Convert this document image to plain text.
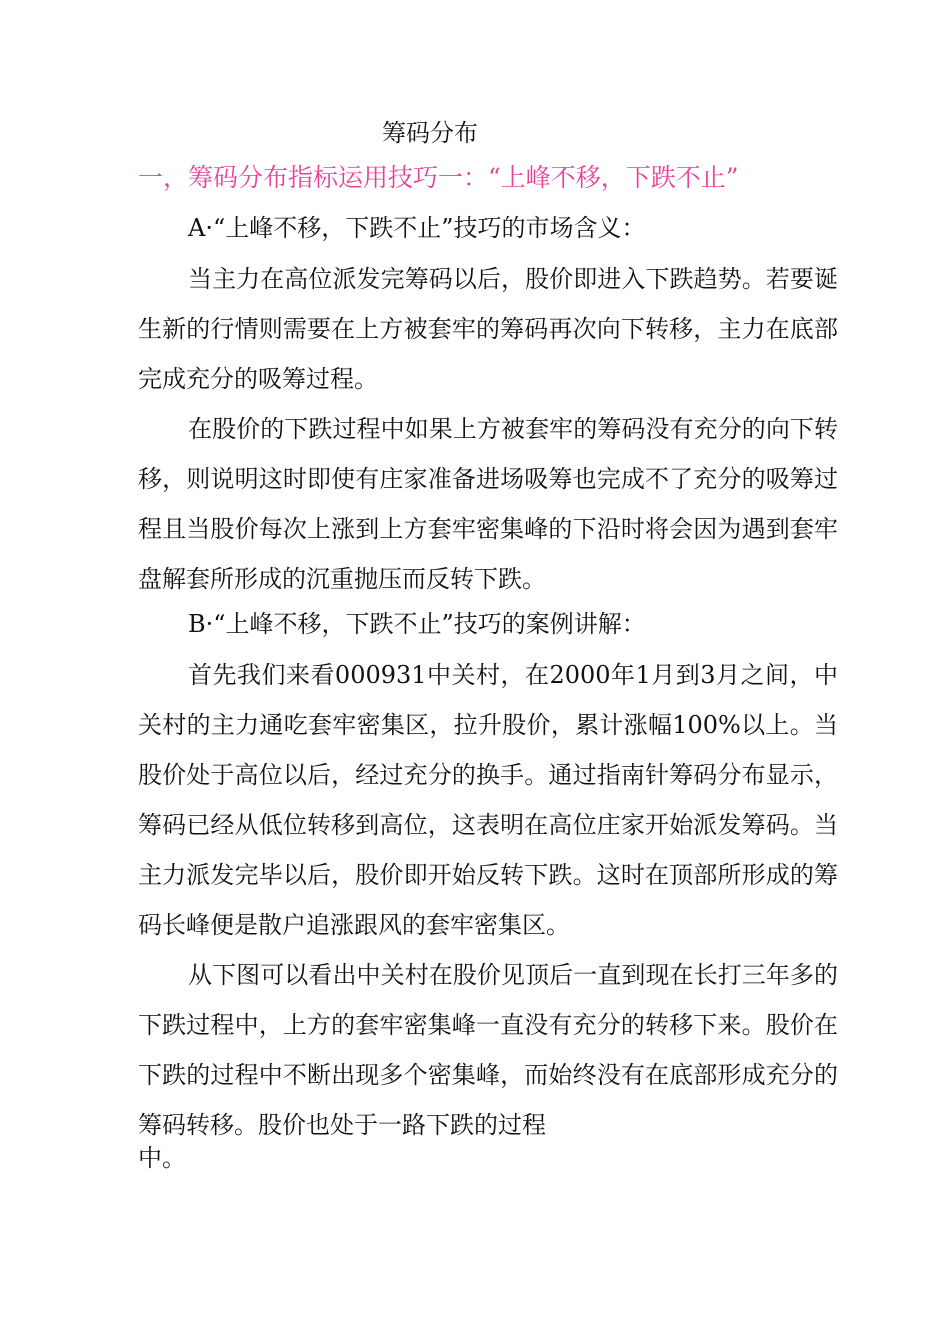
筹码分布
一，筹码分布指标运用技巧一：“上峰不移，下跌不止”
A·“上峰不移，下跌不止”技巧的市场含义：

当主力在高位派发完筹码以后，股价即进入下跌趋势。若要诞生新的行情则需要在上方被套牢的筹码再次向下转移，主力在底部完成充分的吸筹过程。

在股价的下跌过程中如果上方被套牢的筹码没有充分的向下转移，则说明这时即使有庄家准备进场吸筹也完成不了充分的吸筹过程且当股价每次上涨到上方套牢密集峰的下沿时将会因为遇到套牢盘解套所形成的沉重抛压而反转下跌。

B·“上峰不移，下跌不止”技巧的案例讲解：

首先我们来看000931中关村，在2000年1月到3月之间，中关村的主力通吃套牢密集区，拉升股价，累计涨幅100%以上。当股价处于高位以后，经过充分的换手。通过指南针筹码分布显示，筹码已经从低位转移到高位，这表明在高位庄家开始派发筹码。当主力派发完毕以后，股价即开始反转下跌。这时在顶部所形成的筹码长峰便是散户追涨跟风的套牢密集区。

从下图可以看出中关村在股价见顶后一直到现在长打三年多的下跌过程中，上方的套牢密集峰一直没有充分的转移下来。股价在下跌的过程中不断出现多个密集峰，而始终没有在底部形成充分的筹码转移。股价也处于一路下跌的过程

中。
